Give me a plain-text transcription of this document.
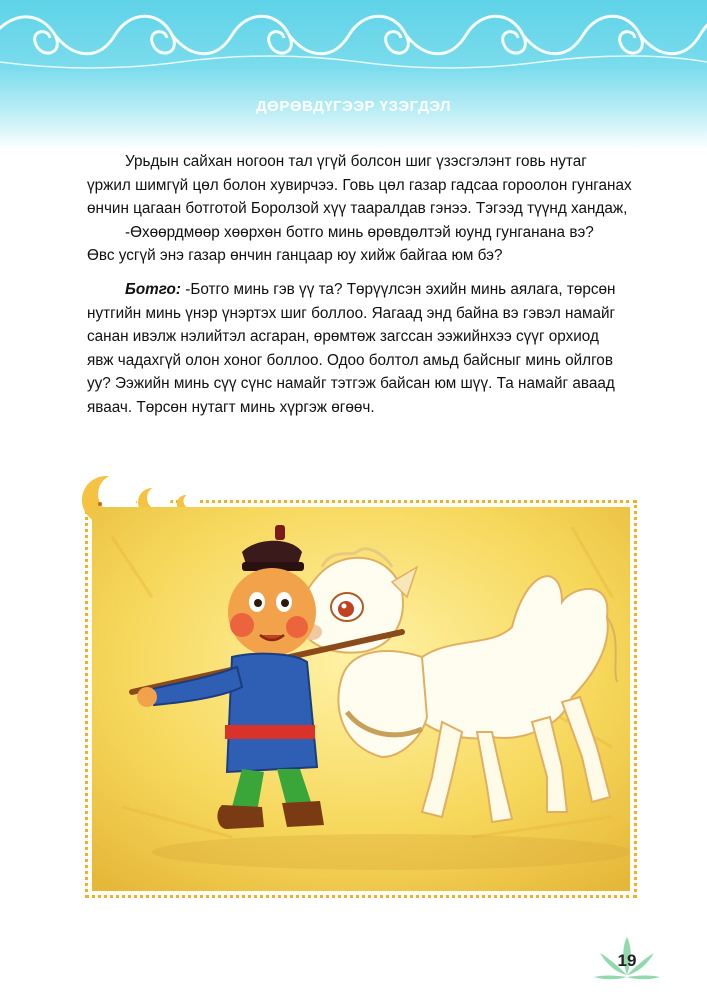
ДӨРӨВДҮГЭЭР ҮЗЭГДЭЛ
Урьдын сайхан ногоон тал үгүй болсон шиг үзэсгэлэнт говь нутаг
үржил шимгүй цөл болон хувирчээ. Говь цөл газар гадсаа гороолон гунганах
өнчин цагаан ботготой Боролзой хүү тааралдав гэнээ. Тэгээд түүнд хандаж,
-Өхөөрдмөөр хөөрхөн ботго минь өрөвдөлтэй юунд гунганана вэ?
Өвс усгүй энэ газар өнчин ганцаар юу хийж байгаа юм бэ?
Ботго: -Ботго минь гэв үү та? Төрүүлсэн эхийн минь аялага, төрсөн
нутгийн минь үнэр үнэртэх шиг боллоо. Яагаад энд байна вэ гэвэл намайг
санан ивэлж нэлийтэл асгаран, өрөмтөж загссан ээжийнхээ сүүг орхиод
явж чадахгүй олон хоног боллоо. Одоо болтол амьд байсныг минь ойлгов
уу? Ээжийн минь сүү сүнс намайг тэтгэж байсан юм шүү. Та намайг аваад
яваач. Төрсөн нутагт минь хүргэж өгөөч.
19
